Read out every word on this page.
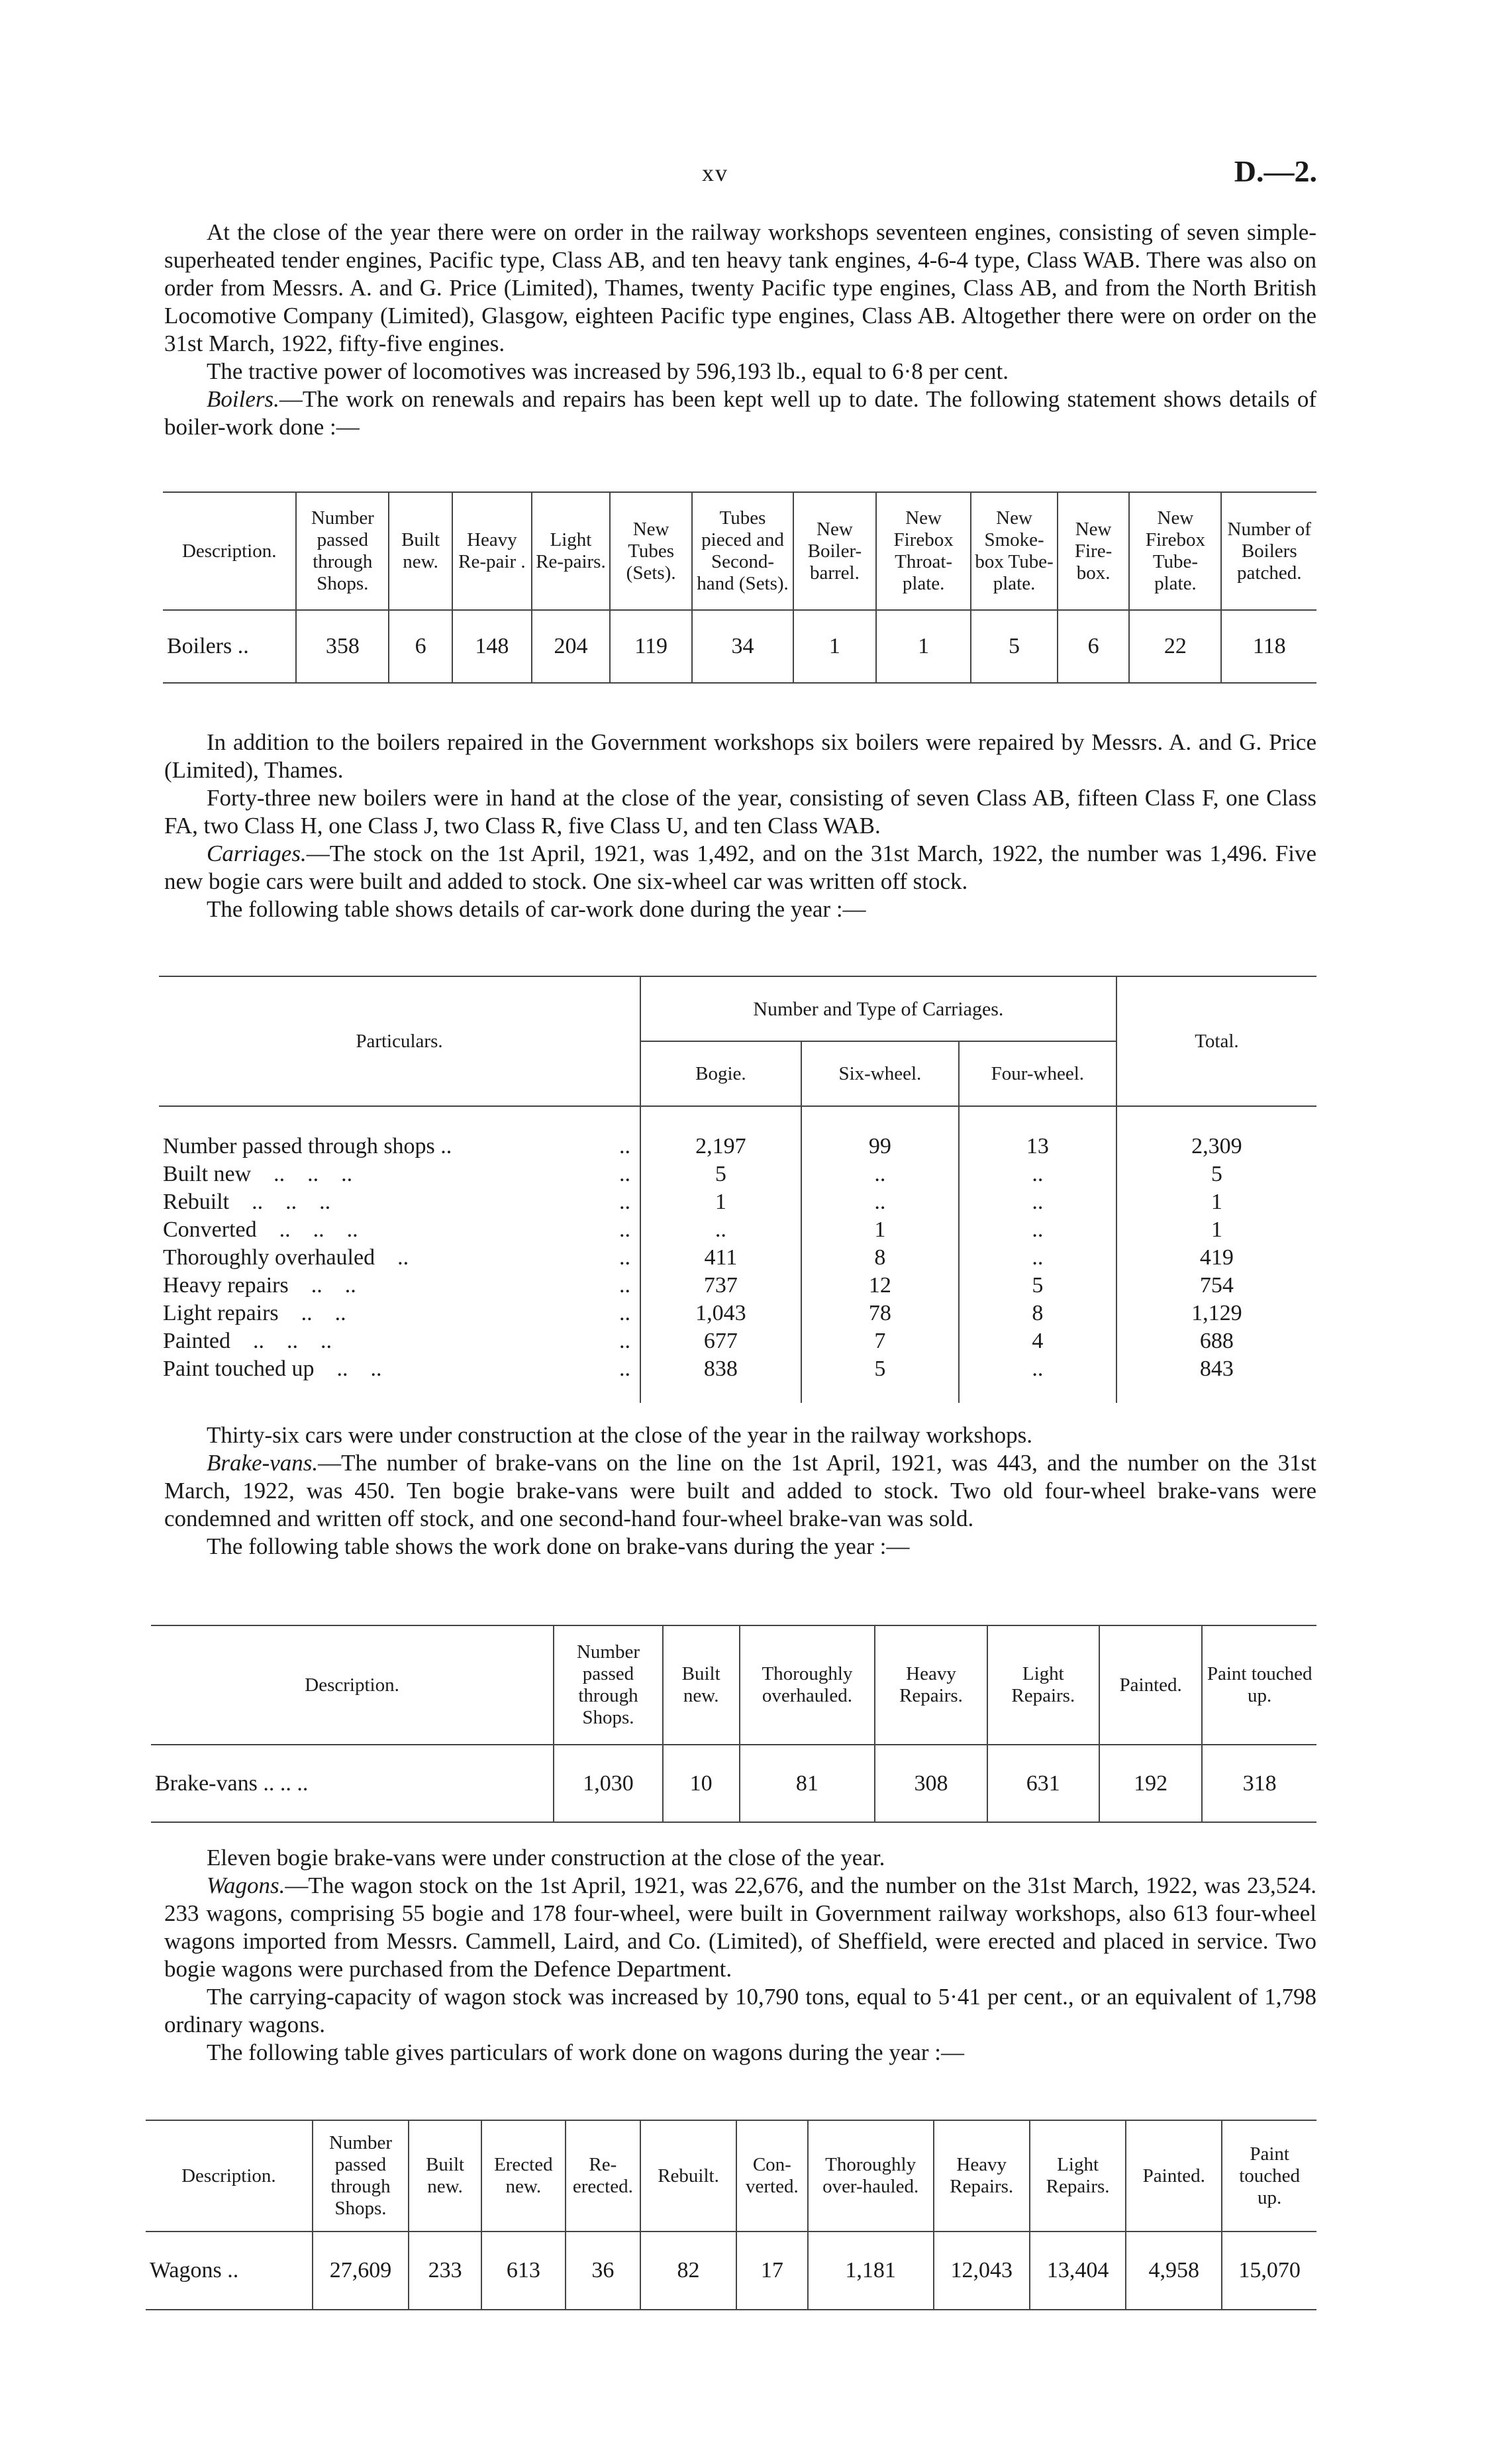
xv	D.—2.

At the close of the year there were on order in the railway workshops seventeen engines, consisting of seven simple-superheated tender engines, Pacific type, Class AB, and ten heavy tank engines, 4-6-4 type, Class WAB. There was also on order from Messrs. A. and G. Price (Limited), Thames, twenty Pacific type engines, Class AB, and from the North British Locomotive Company (Limited), Glasgow, eighteen Pacific type engines, Class AB. Altogether there were on order on the 31st March, 1922, fifty-five engines.

The tractive power of locomotives was increased by 596,193 lb., equal to 6·8 per cent.

Boilers.—The work on renewals and repairs has been kept well up to date. The following statement shows details of boiler-work done :—

Description.	Number passed through Shops.	Built new.	Heavy Re-pair .	Light Re-pairs.	New Tubes (Sets).	Tubes pieced and Second-hand (Sets).	New Boiler-barrel.	New Firebox Throat-plate.	New Smoke-box Tube-plate.	New Fire-box.	New Firebox Tube-plate.	Number of Boilers patched.
Boilers ..	358	6	148	204	119	34	1	1	5	6	22	118

In addition to the boilers repaired in the Government workshops six boilers were repaired by Messrs. A. and G. Price (Limited), Thames.

Forty-three new boilers were in hand at the close of the year, consisting of seven Class AB, fifteen Class F, one Class FA, two Class H, one Class J, two Class R, five Class U, and ten Class WAB.

Carriages.—The stock on the 1st April, 1921, was 1,492, and on the 31st March, 1922, the number was 1,496. Five new bogie cars were built and added to stock. One six-wheel car was written off stock.

The following table shows details of car-work done during the year :—

Particulars.	Number and Type of Carriages.			Total.
	Bogie.	Six-wheel.	Four-wheel.	

Number passed through shops .. ..	2,197	99	13	2,309
Built new    ..    ..    .. ..	5	..	..	5
Rebuilt    ..    ..    .. ..	1	..	..	1
Converted    ..    ..    .. ..	..	1	..	1
Thoroughly overhauled    .. ..	411	8	..	419
Heavy repairs    ..    .. ..	737	12	5	754
Light repairs    ..    .. ..	1,043	78	8	1,129
Painted    ..    ..    .. ..	677	7	4	688
Paint touched up    ..    .. ..	838	5	..	843

Thirty-six cars were under construction at the close of the year in the railway workshops.

Brake-vans.—The number of brake-vans on the line on the 1st April, 1921, was 443, and the number on the 31st March, 1922, was 450. Ten bogie brake-vans were built and added to stock. Two old four-wheel brake-vans were condemned and written off stock, and one second-hand four-wheel brake-van was sold.

The following table shows the work done on brake-vans during the year :—

Description.	Number passed through Shops.	Built new.	Thoroughly overhauled.	Heavy Repairs.	Light Repairs.	Painted.	Paint touched up.
Brake-vans .. .. ..	1,030	10	81	308	631	192	318

Eleven bogie brake-vans were under construction at the close of the year.

Wagons.—The wagon stock on the 1st April, 1921, was 22,676, and the number on the 31st March, 1922, was 23,524. 233 wagons, comprising 55 bogie and 178 four-wheel, were built in Government railway workshops, also 613 four-wheel wagons imported from Messrs. Cammell, Laird, and Co. (Limited), of Sheffield, were erected and placed in service. Two bogie wagons were purchased from the Defence Department.

The carrying-capacity of wagon stock was increased by 10,790 tons, equal to 5·41 per cent., or an equivalent of 1,798 ordinary wagons.

The following table gives particulars of work done on wagons during the year :—

Description.	Number passed through Shops.	Built new.	Erected new.	Re-erected.	Rebuilt.	Con-verted.	Thoroughly over-hauled.	Heavy Repairs.	Light Repairs.	Painted.	Paint touched up.
Wagons ..	27,609	233	613	36	82	17	1,181	12,043	13,404	4,958	15,070
